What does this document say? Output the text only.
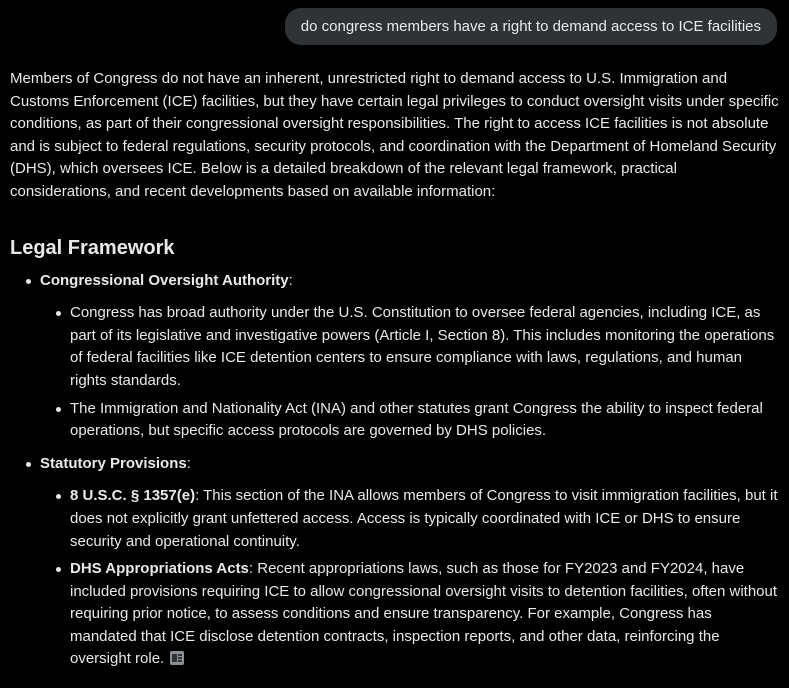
do congress members have a right to demand access to ICE facilities

Members of Congress do not have an inherent, unrestricted right to demand access to U.S. Immigration and Customs Enforcement (ICE) facilities, but they have certain legal privileges to conduct oversight visits under specific conditions, as part of their congressional oversight responsibilities. The right to access ICE facilities is not absolute and is subject to federal regulations, security protocols, and coordination with the Department of Homeland Security (DHS), which oversees ICE. Below is a detailed breakdown of the relevant legal framework, practical considerations, and recent developments based on available information:

Legal Framework
Congressional Oversight Authority:
Congress has broad authority under the U.S. Constitution to oversee federal agencies, including ICE, as part of its legislative and investigative powers (Article I, Section 8). This includes monitoring the operations of federal facilities like ICE detention centers to ensure compliance with laws, regulations, and human rights standards.
The Immigration and Nationality Act (INA) and other statutes grant Congress the ability to inspect federal operations, but specific access protocols are governed by DHS policies.
Statutory Provisions:
8 U.S.C. § 1357(e): This section of the INA allows members of Congress to visit immigration facilities, but it does not explicitly grant unfettered access. Access is typically coordinated with ICE or DHS to ensure security and operational continuity.
DHS Appropriations Acts: Recent appropriations laws, such as those for FY2023 and FY2024, have included provisions requiring ICE to allow congressional oversight visits to detention facilities, often without requiring prior notice, to assess conditions and ensure transparency. For example, Congress has mandated that ICE disclose detention contracts, inspection reports, and other data, reinforcing the oversight role.
